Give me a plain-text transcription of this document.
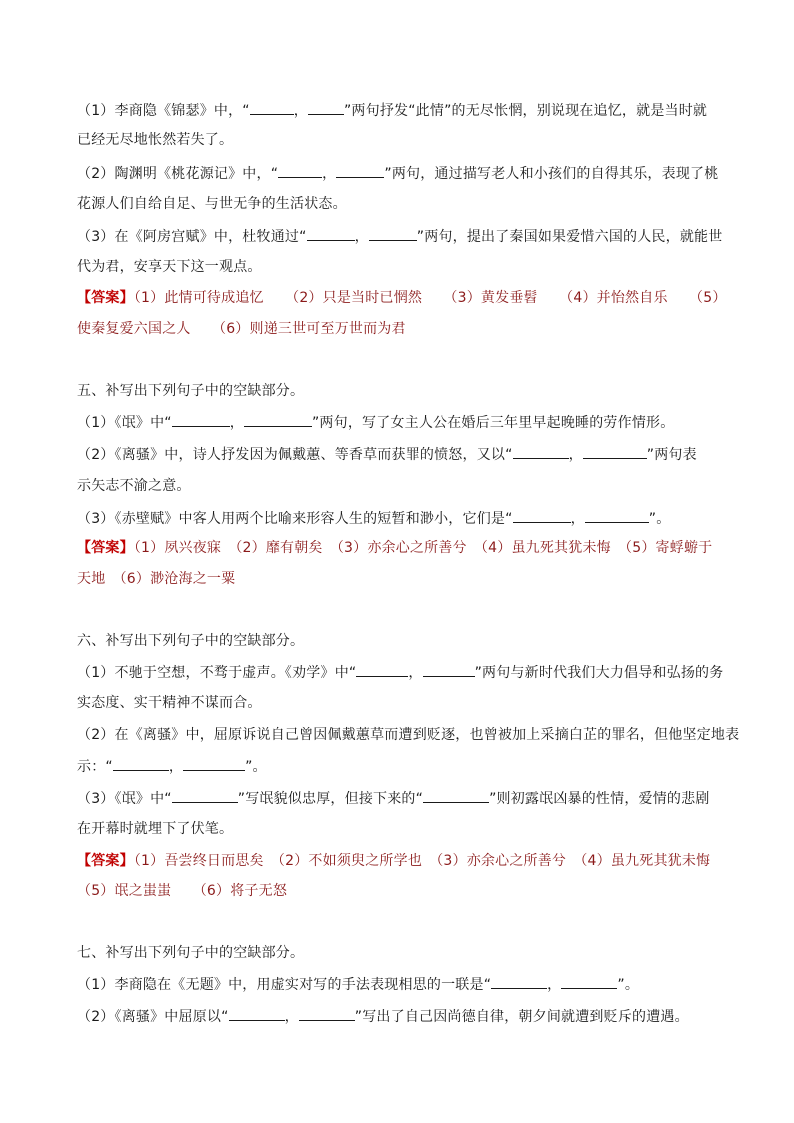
（1）李商隐《锦瑟》中，“	，	”两句抒发“此情”的无尽怅惘，别说现在追忆，就是当时就
已经无尽地怅然若失了。
（2）陶渊明《桃花源记》中，“	，	”两句，通过描写老人和小孩们的自得其乐，表现了桃
花源人们自给自足、与世无争的生活状态。
（3）在《阿房宫赋》中，杜牧通过“	，	”两句，提出了秦国如果爱惜六国的人民，就能世
代为君，安享天下这一观点。
【答案】（1）此情可待成追忆　　（2）只是当时已惘然　　（3）黄发垂髫　　（4）并怡然自乐　　（5）
使秦复爱六国之人　　（6）则递三世可至万世而为君
五、补写出下列句子中的空缺部分。
（1）《氓》中“	，	”两句，写了女主人公在婚后三年里早起晚睡的劳作情形。
（2）《离骚》中，诗人抒发因为佩戴蕙、等香草而获罪的愤怒，又以“	，	”两句表
示矢志不渝之意。
（3）《赤壁赋》中客人用两个比喻来形容人生的短暂和渺小，它们是“	，	”。
【答案】（1）夙兴夜寐　（2）靡有朝矣　（3）亦余心之所善兮　（4）虽九死其犹未悔　（5）寄蜉蝣于
天地　（6）渺沧海之一粟
六、补写出下列句子中的空缺部分。
（1）不驰于空想，不骛于虚声。《劝学》中“	，	”两句与新时代我们大力倡导和弘扬的务
实态度、实干精神不谋而合。
（2）在《离骚》中，屈原诉说自己曾因佩戴蕙草而遭到贬逐，也曾被加上采摘白芷的罪名，但他坚定地表
示：“	，	”。
（3）《氓》中“	”写氓貌似忠厚，但接下来的“	”则初露氓凶暴的性情，爱情的悲剧
在开幕时就埋下了伏笔。
【答案】（1）吾尝终日而思矣　（2）不如须臾之所学也　（3）亦余心之所善兮　（4）虽九死其犹未悔
（5）氓之蚩蚩　　（6）将子无怒
七、补写出下列句子中的空缺部分。
（1）李商隐在《无题》中，用虚实对写的手法表现相思的一联是“	，	”。
（2）《离骚》中屈原以“	，	”写出了自己因尚德自律，朝夕间就遭到贬斥的遭遇。
